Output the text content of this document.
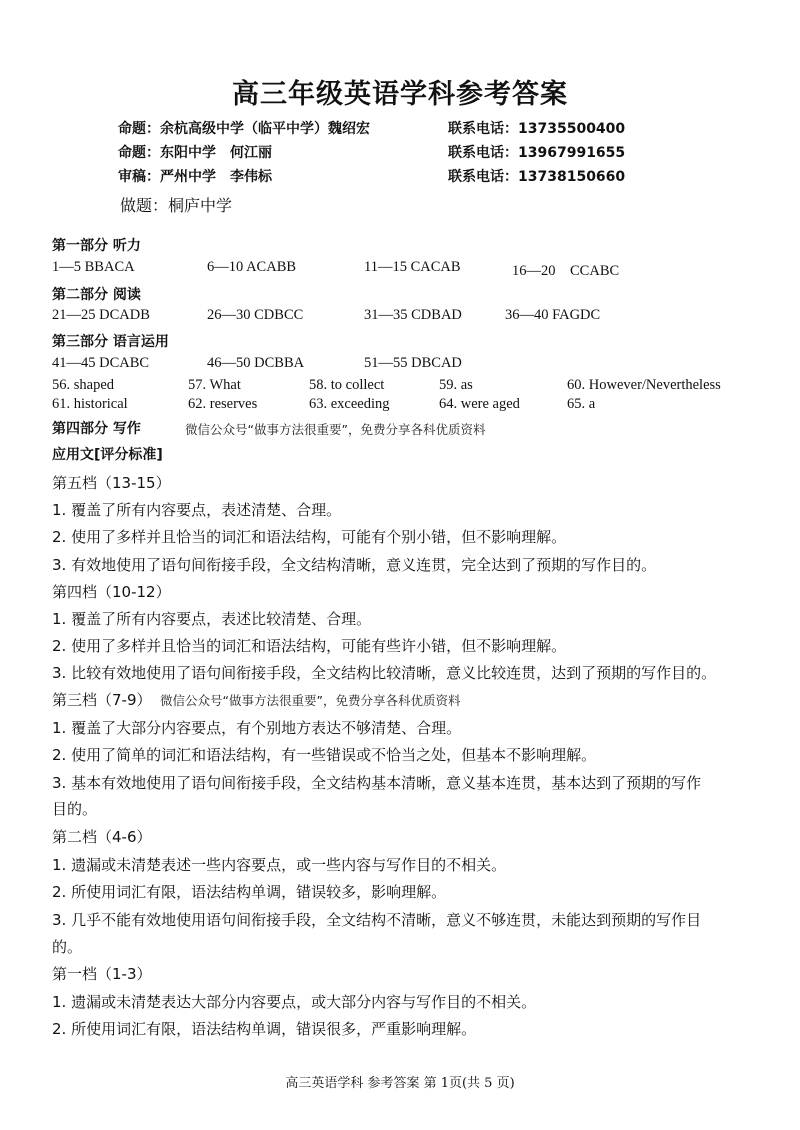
高三年级英语学科参考答案
命题：余杭高级中学（临平中学）魏绍宏	联系电话：13735500400
命题：东阳中学　何江丽	联系电话：13967991655
审稿：严州中学　李伟标	联系电话：13738150660
做题：桐庐中学
第一部分 听力
1—5 BBACA	6—10 ACABB	11—15 CACAB	16—20　CCABC
第二部分 阅读
21—25 DCADB	26—30 CDBCC	31—35 CDBAD	36—40 FAGDC
第三部分 语言运用
41—45 DCABC	46—50 DCBBA	51—55 DBCAD
56. shaped	57. What	58. to collect	59. as	60. However/Nevertheless
61. historical	62. reserves	63. exceeding	64. were aged	65. a
第四部分 写作	微信公众号“做事方法很重要”，免费分享各科优质资料
应用文[评分标准]
第五档（13-15）
1. 覆盖了所有内容要点，表述清楚、合理。
2. 使用了多样并且恰当的词汇和语法结构，可能有个别小错，但不影响理解。
3. 有效地使用了语句间衔接手段，全文结构清晰，意义连贯，完全达到了预期的写作目的。
第四档（10-12）
1. 覆盖了所有内容要点，表述比较清楚、合理。
2. 使用了多样并且恰当的词汇和语法结构，可能有些许小错，但不影响理解。
3. 比较有效地使用了语句间衔接手段，全文结构比较清晰，意义比较连贯，达到了预期的写作目的。
第三档（7-9） 微信公众号“做事方法很重要”，免费分享各科优质资料
1. 覆盖了大部分内容要点，有个别地方表达不够清楚、合理。
2. 使用了简单的词汇和语法结构，有一些错误或不恰当之处，但基本不影响理解。
3. 基本有效地使用了语句间衔接手段，全文结构基本清晰，意义基本连贯，基本达到了预期的写作
目的。
第二档（4-6）
1. 遗漏或未清楚表述一些内容要点，或一些内容与写作目的不相关。
2. 所使用词汇有限，语法结构单调，错误较多，影响理解。
3. 几乎不能有效地使用语句间衔接手段，全文结构不清晰，意义不够连贯，未能达到预期的写作目
的。
第一档（1-3）
1. 遗漏或未清楚表达大部分内容要点，或大部分内容与写作目的不相关。
2. 所使用词汇有限，语法结构单调，错误很多，严重影响理解。
高三英语学科 参考答案 第 1页(共 5 页)
